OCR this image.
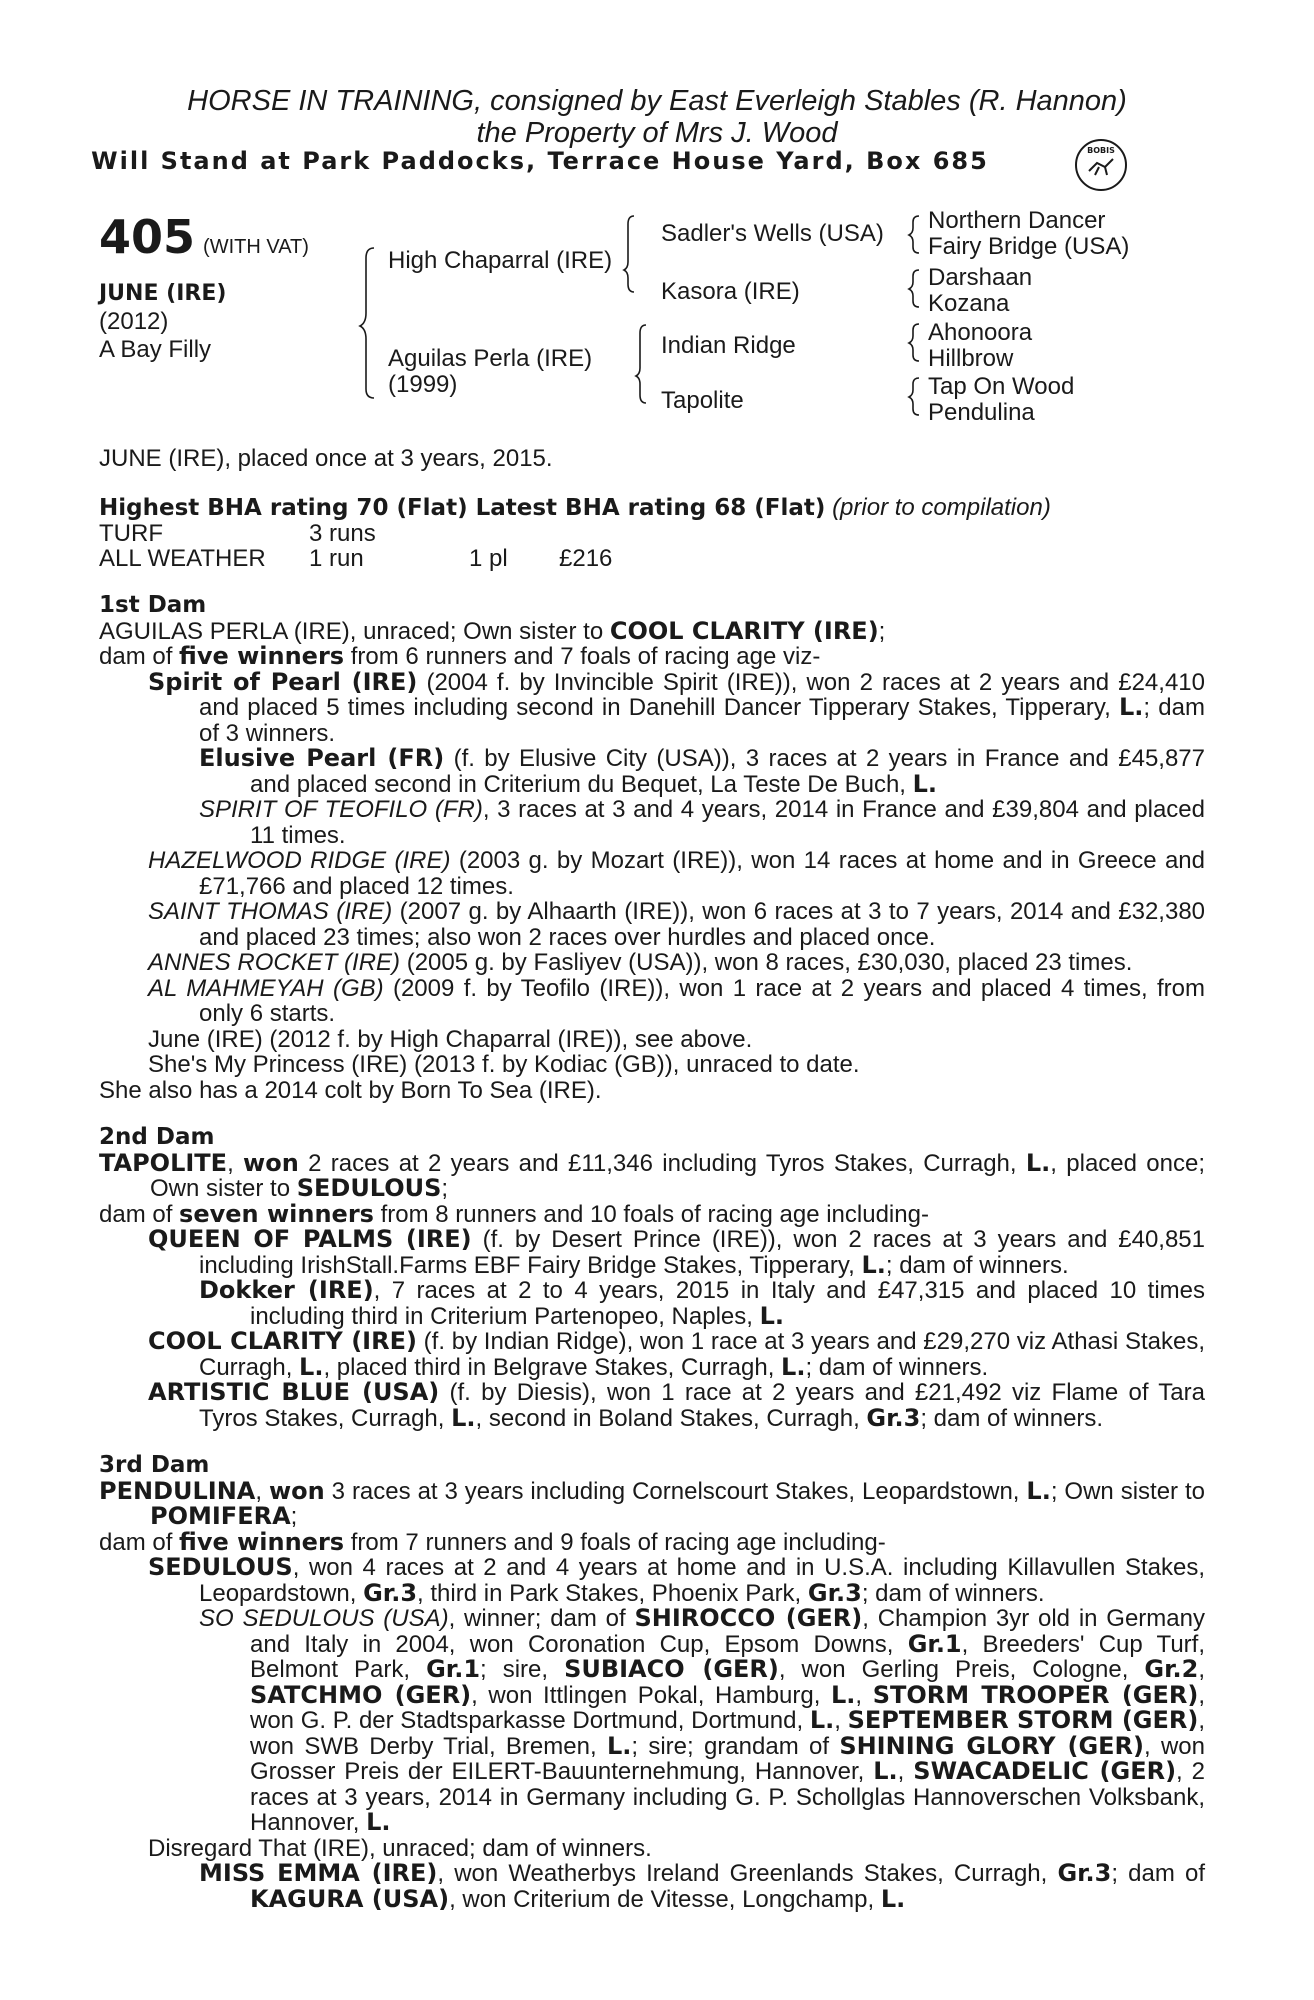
HORSE IN TRAINING, consigned by East Everleigh Stables (R. Hannon)
the Property of Mrs J. Wood
Will Stand at Park Paddocks, Terrace House Yard, Box 685	BOBIS
405 (WITH VAT)
JUNE (IRE)
(2012)
A Bay Filly
High Chaparral (IRE)
Aguilas Perla (IRE)
(1999)
Sadler's Wells (USA)
Kasora (IRE)
Indian Ridge
Tapolite
Northern Dancer
Fairy Bridge (USA)
Darshaan
Kozana
Ahonoora
Hillbrow
Tap On Wood
Pendulina
JUNE (IRE), placed once at 3 years, 2015.
Highest BHA rating 70 (Flat) Latest BHA rating 68 (Flat) (prior to compilation)
TURF	3 runs		
ALL WEATHER	1 run	1 pl	£216
1st Dam
AGUILAS PERLA (IRE), unraced; Own sister to COOL CLARITY (IRE);
dam of five winners from 6 runners and 7 foals of racing age viz-
Spirit of Pearl (IRE) (2004 f. by Invincible Spirit (IRE)), won 2 races at 2 years and £24,410 and placed 5 times including second in Danehill Dancer Tipperary Stakes, Tipperary, L.; dam of 3 winners.
Elusive Pearl (FR) (f. by Elusive City (USA)), 3 races at 2 years in France and £45,877 and placed second in Criterium du Bequet, La Teste De Buch, L.
SPIRIT OF TEOFILO (FR), 3 races at 3 and 4 years, 2014 in France and £39,804 and placed 11 times.
HAZELWOOD RIDGE (IRE) (2003 g. by Mozart (IRE)), won 14 races at home and in Greece and £71,766 and placed 12 times.
SAINT THOMAS (IRE) (2007 g. by Alhaarth (IRE)), won 6 races at 3 to 7 years, 2014 and £32,380 and placed 23 times; also won 2 races over hurdles and placed once.
ANNES ROCKET (IRE) (2005 g. by Fasliyev (USA)), won 8 races, £30,030, placed 23 times.
AL MAHMEYAH (GB) (2009 f. by Teofilo (IRE)), won 1 race at 2 years and placed 4 times, from only 6 starts.
June (IRE) (2012 f. by High Chaparral (IRE)), see above.
She's My Princess (IRE) (2013 f. by Kodiac (GB)), unraced to date.
She also has a 2014 colt by Born To Sea (IRE).
2nd Dam
TAPOLITE, won 2 races at 2 years and £11,346 including Tyros Stakes, Curragh, L., placed once; Own sister to SEDULOUS;
dam of seven winners from 8 runners and 10 foals of racing age including-
QUEEN OF PALMS (IRE) (f. by Desert Prince (IRE)), won 2 races at 3 years and £40,851 including IrishStall.Farms EBF Fairy Bridge Stakes, Tipperary, L.; dam of winners.
Dokker (IRE), 7 races at 2 to 4 years, 2015 in Italy and £47,315 and placed 10 times including third in Criterium Partenopeo, Naples, L.
COOL CLARITY (IRE) (f. by Indian Ridge), won 1 race at 3 years and £29,270 viz Athasi Stakes, Curragh, L., placed third in Belgrave Stakes, Curragh, L.; dam of winners.
ARTISTIC BLUE (USA) (f. by Diesis), won 1 race at 2 years and £21,492 viz Flame of Tara Tyros Stakes, Curragh, L., second in Boland Stakes, Curragh, Gr.3; dam of winners.
3rd Dam
PENDULINA, won 3 races at 3 years including Cornelscourt Stakes, Leopardstown, L.; Own sister to POMIFERA;
dam of five winners from 7 runners and 9 foals of racing age including-
SEDULOUS, won 4 races at 2 and 4 years at home and in U.S.A. including Killavullen Stakes, Leopardstown, Gr.3, third in Park Stakes, Phoenix Park, Gr.3; dam of winners.
SO SEDULOUS (USA), winner; dam of SHIROCCO (GER), Champion 3yr old in Germany and Italy in 2004, won Coronation Cup, Epsom Downs, Gr.1, Breeders' Cup Turf, Belmont Park, Gr.1; sire, SUBIACO (GER), won Gerling Preis, Cologne, Gr.2, SATCHMO (GER), won Ittlingen Pokal, Hamburg, L., STORM TROOPER (GER), won G. P. der Stadtsparkasse Dortmund, Dortmund, L., SEPTEMBER STORM (GER), won SWB Derby Trial, Bremen, L.; sire; grandam of SHINING GLORY (GER), won Grosser Preis der EILERT-Bauunternehmung, Hannover, L., SWACADELIC (GER), 2 races at 3 years, 2014 in Germany including G. P. Schollglas Hannoverschen Volksbank, Hannover, L.
Disregard That (IRE), unraced; dam of winners.
MISS EMMA (IRE), won Weatherbys Ireland Greenlands Stakes, Curragh, Gr.3; dam of KAGURA (USA), won Criterium de Vitesse, Longchamp, L.
